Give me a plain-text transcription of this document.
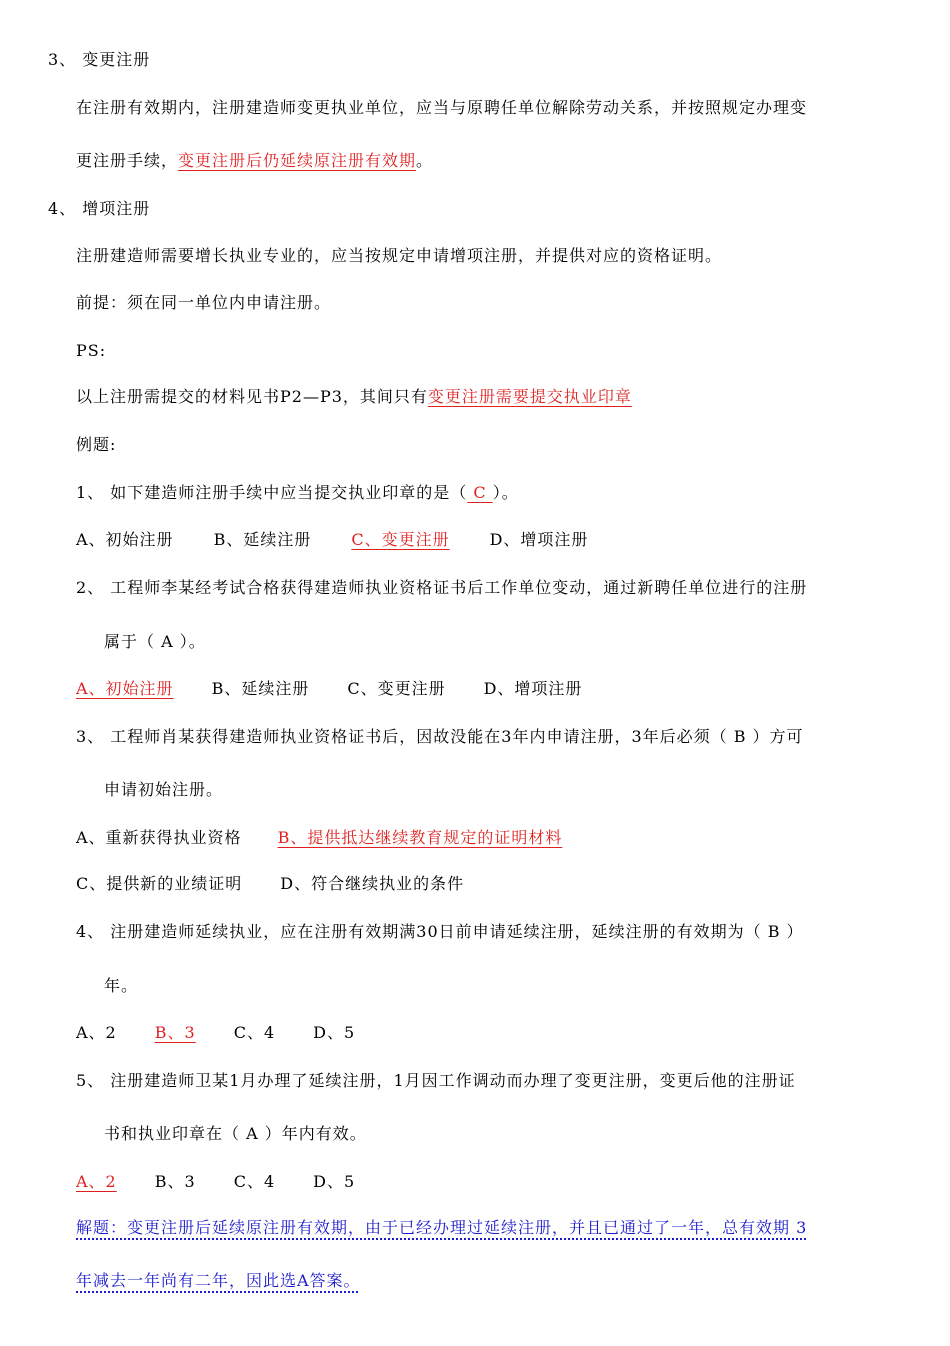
3、 变更注册
在注册有效期内，注册建造师变更执业单位，应当与原聘任单位解除劳动关系，并按照规定办理变
更注册手续，变更注册后仍延续原注册有效期。
4、 增项注册
注册建造师需要增长执业专业的，应当按规定申请增项注册，并提供对应的资格证明。
前提：须在同一单位内申请注册。
PS:
以上注册需提交的材料见书P2—P3，其间只有变更注册需要提交执业印章
例题:
1、 如下建造师注册手续中应当提交执业印章的是（ C ）。
A、初始注册	B、延续注册	C、变更注册	D、增项注册
2、 工程师李某经考试合格获得建造师执业资格证书后工作单位变动，通过新聘任单位进行的注册
属于（ A ）。
A、初始注册 B、延续注册 C、变更注册 D、增项注册
3、 工程师肖某获得建造师执业资格证书后，因故没能在3年内申请注册，3年后必须（ B ）方可
申请初始注册。
A、重新获得执业资格 B、提供抵达继续教育规定的证明材料
C、提供新的业绩证明 D、符合继续执业的条件
4、 注册建造师延续执业，应在注册有效期满30日前申请延续注册，延续注册的有效期为（ B ）
年。
A、2 B、3 C、4 D、5
5、 注册建造师卫某1月办理了延续注册，1月因工作调动而办理了变更注册，变更后他的注册证
书和执业印章在（ A ）年内有效。
A、2 B、3 C、4 D、5
解题：变更注册后延续原注册有效期，由于已经办理过延续注册，并且已通过了一年，总有效期 3
年减去一年尚有二年，因此选A答案。
